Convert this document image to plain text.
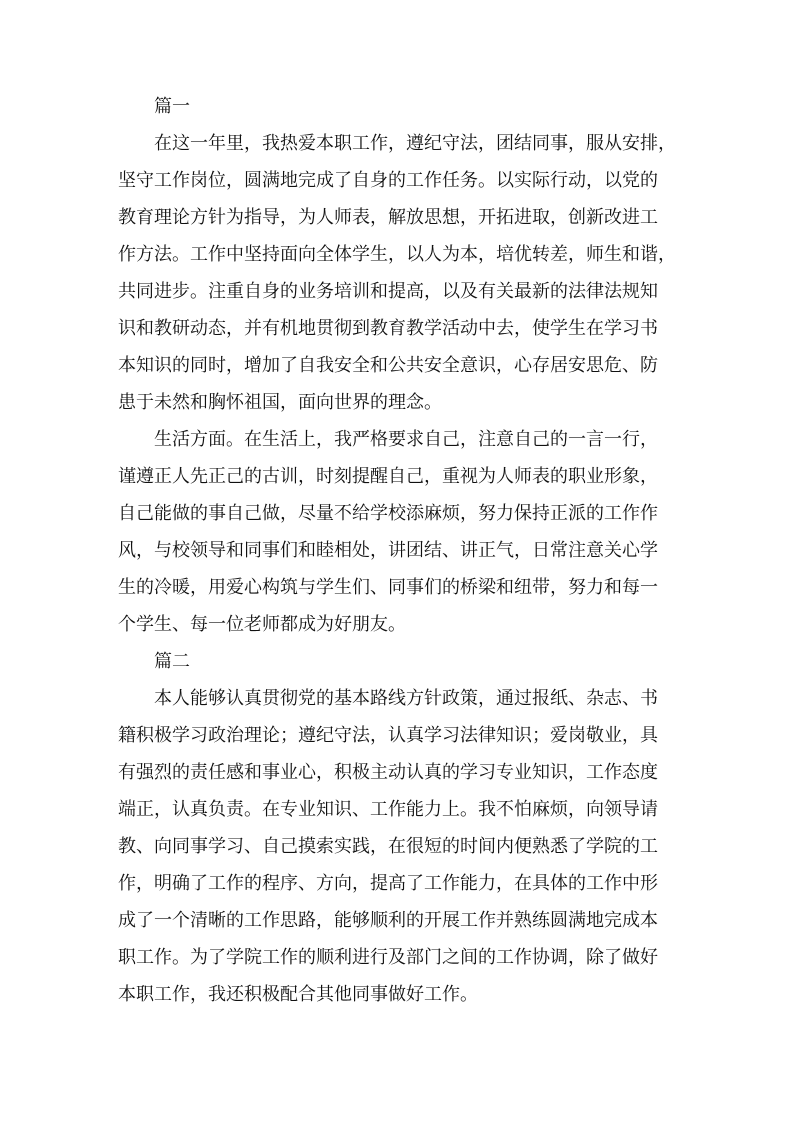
篇一
在这一年里，我热爱本职工作，遵纪守法，团结同事，服从安排，
坚守工作岗位，圆满地完成了自身的工作任务。以实际行动，以党的
教育理论方针为指导，为人师表，解放思想，开拓进取，创新改进工
作方法。工作中坚持面向全体学生，以人为本，培优转差，师生和谐，
共同进步。注重自身的业务培训和提高，以及有关最新的法律法规知
识和教研动态，并有机地贯彻到教育教学活动中去，使学生在学习书
本知识的同时，增加了自我安全和公共安全意识，心存居安思危、防
患于未然和胸怀祖国，面向世界的理念。
生活方面。在生活上，我严格要求自己，注意自己的一言一行，
谨遵正人先正己的古训，时刻提醒自己，重视为人师表的职业形象，
自己能做的事自己做，尽量不给学校添麻烦，努力保持正派的工作作
风，与校领导和同事们和睦相处，讲团结、讲正气，日常注意关心学
生的冷暖，用爱心构筑与学生们、同事们的桥梁和纽带，努力和每一
个学生、每一位老师都成为好朋友。
篇二
本人能够认真贯彻党的基本路线方针政策，通过报纸、杂志、书
籍积极学习政治理论；遵纪守法，认真学习法律知识；爱岗敬业，具
有强烈的责任感和事业心，积极主动认真的学习专业知识，工作态度
端正，认真负责。在专业知识、工作能力上。我不怕麻烦，向领导请
教、向同事学习、自己摸索实践，在很短的时间内便熟悉了学院的工
作，明确了工作的程序、方向，提高了工作能力，在具体的工作中形
成了一个清晰的工作思路，能够顺利的开展工作并熟练圆满地完成本
职工作。为了学院工作的顺利进行及部门之间的工作协调，除了做好
本职工作，我还积极配合其他同事做好工作。
